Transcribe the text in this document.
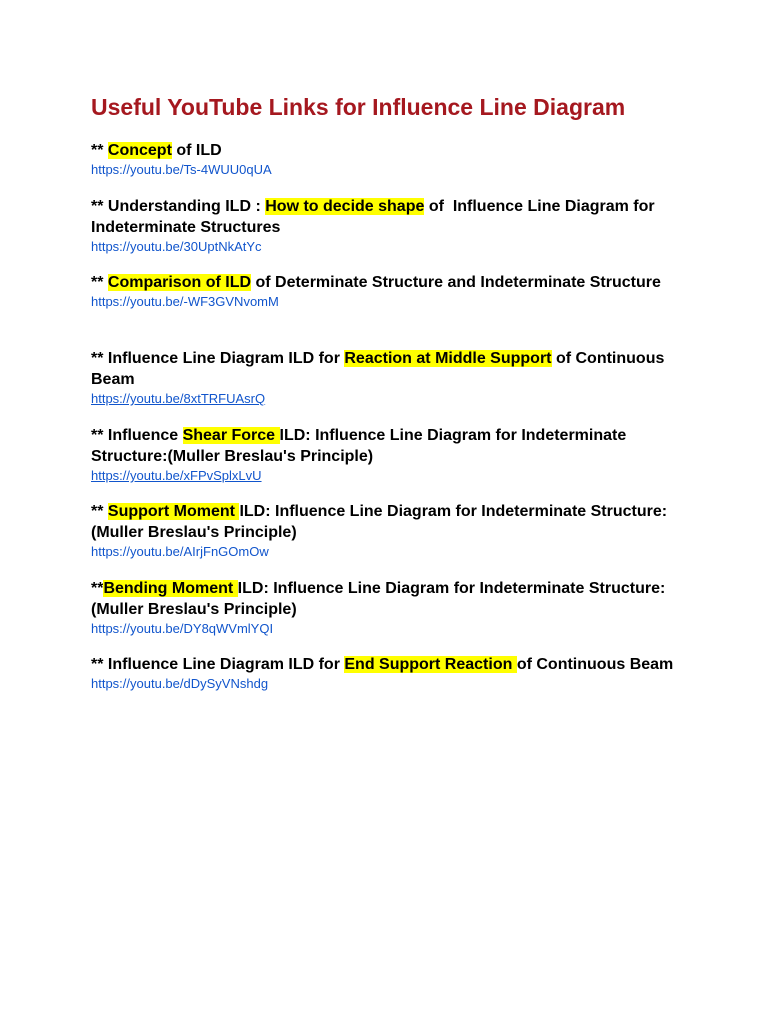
Useful YouTube Links for Influence Line Diagram

** Concept of ILD

https://youtu.be/Ts-4WUU0qUA

** Understanding ILD : How to decide shape of  Influence Line Diagram for Indeterminate Structures

https://youtu.be/30UptNkAtYc

** Comparison of ILD of Determinate Structure and Indeterminate Structure

https://youtu.be/-WF3GVNvomM

** Influence Line Diagram ILD for Reaction at Middle Support of Continuous Beam

https://youtu.be/8xtTRFUAsrQ

** Influence Shear Force ILD: Influence Line Diagram for Indeterminate Structure:(Muller Breslau's Principle)

https://youtu.be/xFPvSplxLvU

** Support Moment ILD: Influence Line Diagram for Indeterminate Structure:(Muller Breslau's Principle)

https://youtu.be/AIrjFnGOmOw

**Bending Moment ILD: Influence Line Diagram for Indeterminate Structure:(Muller Breslau's Principle)

https://youtu.be/DY8qWVmlYQI

** Influence Line Diagram ILD for End Support Reaction of Continuous Beam

https://youtu.be/dDySyVNshdg
